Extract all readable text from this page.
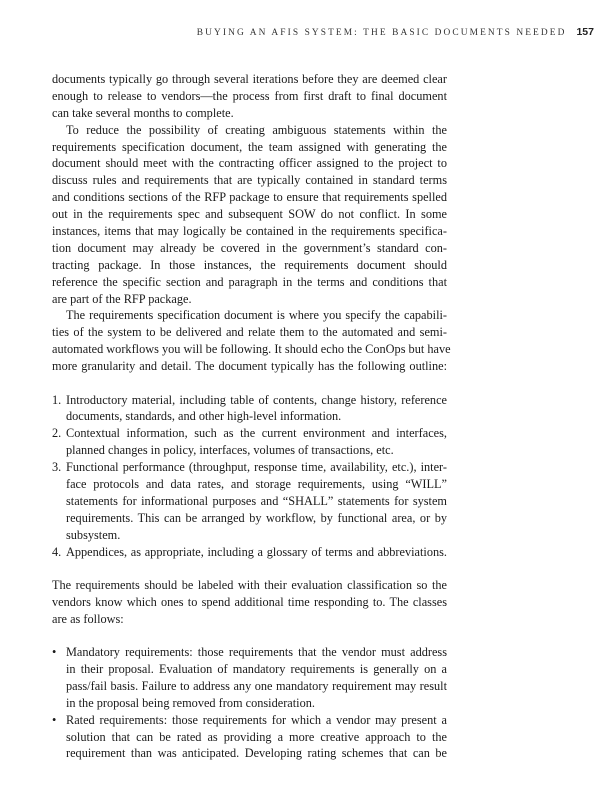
BUYING AN AFIS SYSTEM: THE BASIC DOCUMENTS NEEDED 157
documents typically go through several iterations before they are deemed clear
enough to release to vendors—the process from first draft to final document
can take several months to complete.
To reduce the possibility of creating ambiguous statements within the
requirements specification document, the team assigned with generating the
document should meet with the contracting officer assigned to the project to
discuss rules and requirements that are typically contained in standard terms
and conditions sections of the RFP package to ensure that requirements spelled
out in the requirements spec and subsequent SOW do not conflict. In some
instances, items that may logically be contained in the requirements specifica-
tion document may already be covered in the government’s standard con-
tracting package. In those instances, the requirements document should
reference the specific section and paragraph in the terms and conditions that
are part of the RFP package.
The requirements specification document is where you specify the capabili-
ties of the system to be delivered and relate them to the automated and semi-
automated workflows you will be following. It should echo the ConOps but have
more granularity and detail. The document typically has the following outline:
1. Introductory material, including table of contents, change history, reference
documents, standards, and other high-level information.
2. Contextual information, such as the current environment and interfaces,
planned changes in policy, interfaces, volumes of transactions, etc.
3. Functional performance (throughput, response time, availability, etc.), inter-
face protocols and data rates, and storage requirements, using “WILL”
statements for informational purposes and “SHALL” statements for system
requirements. This can be arranged by workflow, by functional area, or by
subsystem.
4. Appendices, as appropriate, including a glossary of terms and abbreviations.
The requirements should be labeled with their evaluation classification so the
vendors know which ones to spend additional time responding to. The classes
are as follows:
• Mandatory requirements: those requirements that the vendor must address
in their proposal. Evaluation of mandatory requirements is generally on a
pass/fail basis. Failure to address any one mandatory requirement may result
in the proposal being removed from consideration.
• Rated requirements: those requirements for which a vendor may present a
solution that can be rated as providing a more creative approach to the
requirement than was anticipated. Developing rating schemes that can be
